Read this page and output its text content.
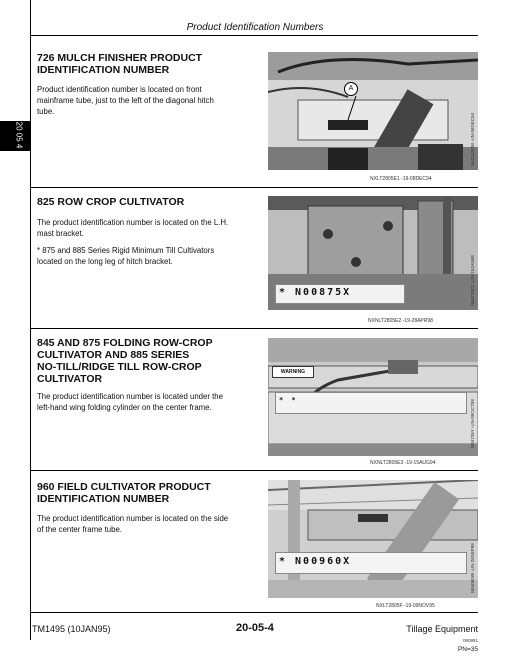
Product Identification Numbers
20 05 4
726 MULCH FINISHER PRODUCT
IDENTIFICATION NUMBER
Product identification number is located on front
mainframe tube, just to the left of the diagonal hitch
tube.
A
N42143UM -UN-06DEC94
NXLT2805E1 -19-08DEC94
825 ROW CROP CULTIVATOR
The product identification number is located on the L.H.
mast bracket.
* 875 and 885 Series Rigid Minimum Till Cultivators
located on the long leg of hitch bracket.
* N00875X	N84770C2 -UN-15JAN98
NXNLT2805E2 -19-28APR98
845 AND 875 FOLDING ROW-CROP
CULTIVATOR AND 885 SERIES
NO-TILL/RIDGE TILL ROW-CROP
CULTIVATOR
The product identification number is located under the
left-hand wing folding cylinder on the center frame.
WARNING
* *	N84726Y -UN-08OCT88
NXNLT2805E3 -19-15AUG94
960 FIELD CULTIVATOR PRODUCT
IDENTIFICATION NUMBER
The product identification number is located on the side
of the center frame tube.
* N00960X	N84065W -UN-26SEP88
NXLT2805F -19-09NOV95
TM1495 (10JAN95)	20-05-4	Tillage Equipment
060951
PN=35
